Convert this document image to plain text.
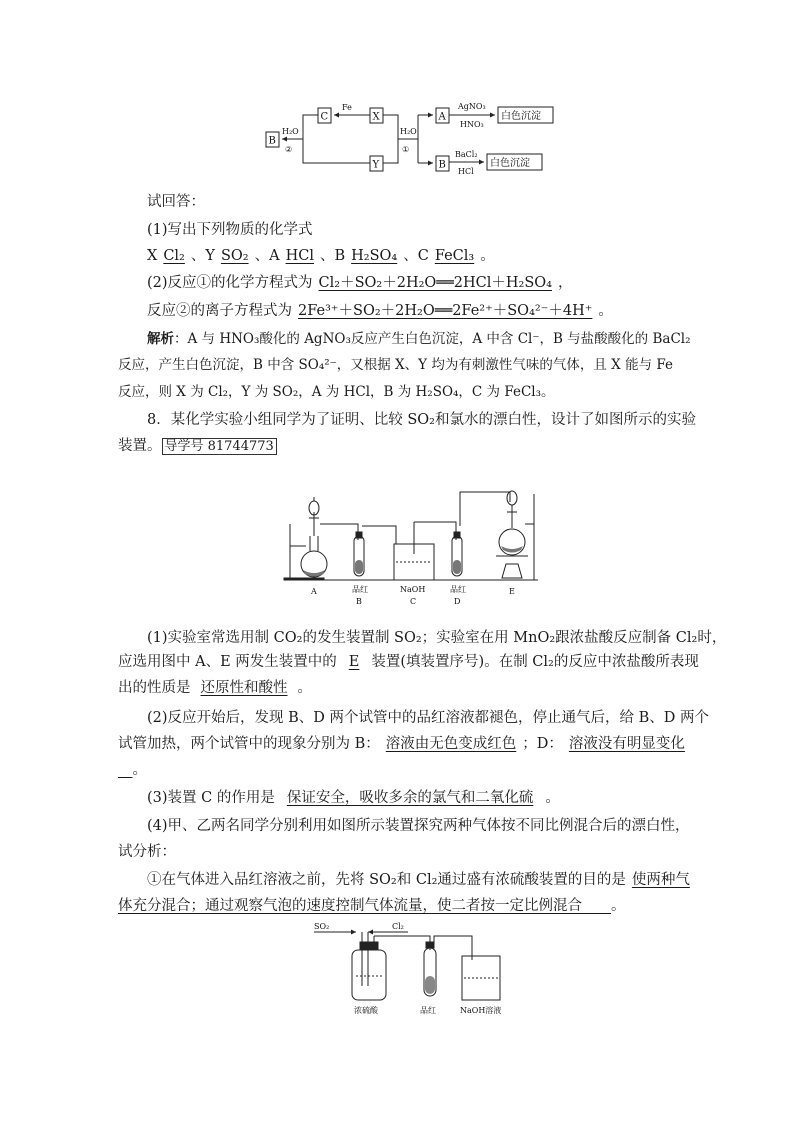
B
C	X
Y
A
B
Fe
H₂O
②
H₂O
①
AgNO₃
HNO₃
BaCl₂
HCl
白色沉淀
白色沉淀
试回答：
(1)写出下列物质的化学式
X Cl₂ 、Y SO₂ 、A HCl 、B H₂SO₄ 、C FeCl₃ 。
(2)反应①的化学方程式为 Cl₂＋SO₂＋2H₂O══2HCl＋H₂SO₄ ，
反应②的离子方程式为 2Fe³⁺＋SO₂＋2H₂O══2Fe²⁺＋SO₄²⁻＋4H⁺ 。
解析：A 与 HNO₃酸化的 AgNO₃反应产生白色沉淀，A 中含 Cl⁻，B 与盐酸酸化的 BaCl₂
反应，产生白色沉淀，B 中含 SO₄²⁻，又根据 X、Y 均为有刺激性气味的气体，且 X 能与 Fe
反应，则 X 为 Cl₂，Y 为 SO₂，A 为 HCl，B 为 H₂SO₄，C 为 FeCl₃。
8．某化学实验小组同学为了证明、比较 SO₂和氯水的漂白性，设计了如图所示的实验
装置。 导学号 81744773
A	品红
B
NaOH
C
品红
D
E
(1)实验室常选用制 CO₂的发生装置制 SO₂；实验室在用 MnO₂跟浓盐酸反应制备 Cl₂时，
应选用图中 A、E 两发生装置中的 E 装置(填装置序号)。在制 Cl₂的反应中浓盐酸所表现
出的性质是 还原性和酸性 。
(2)反应开始后，发现 B、D 两个试管中的品红溶液都褪色，停止通气后，给 B、D 两个
试管加热，两个试管中的现象分别为 B： 溶液由无色变成红色 ；D： 溶液没有明显变化
　。
(3)装置 C 的作用是 保证安全，吸收多余的氯气和二氧化硫 。
(4)甲、乙两名同学分别利用如图所示装置探究两种气体按不同比例混合后的漂白性，
试分析：
①在气体进入品红溶液之前，先将 SO₂和 Cl₂通过盛有浓硫酸装置的目的是 使两种气
体充分混合；通过观察气泡的速度控制气体流量，使二者按一定比例混合　　 。
SO₂	Cl₂
浓硫酸	品红	NaOH溶液
